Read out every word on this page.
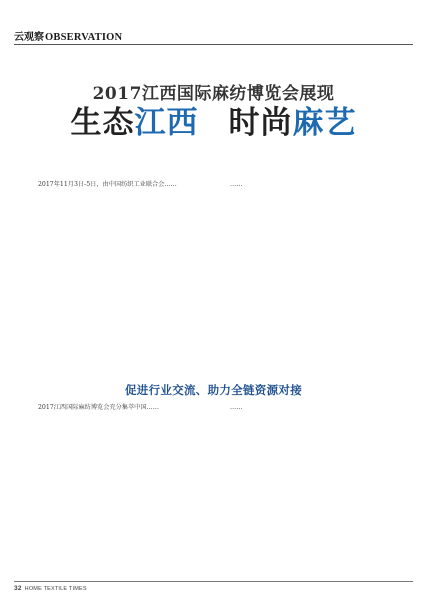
云观察 OBSERVATION
2017江西国际麻纺博览会展现
生态江西 时尚麻艺

2017年11月3日-5日，由中国纺织工业联合会……	……

促进行业交流、助力全链资源对接

2017江西国际麻纺博览会充分集萃中国……	……

32 HOME TEXTILE TIMES
